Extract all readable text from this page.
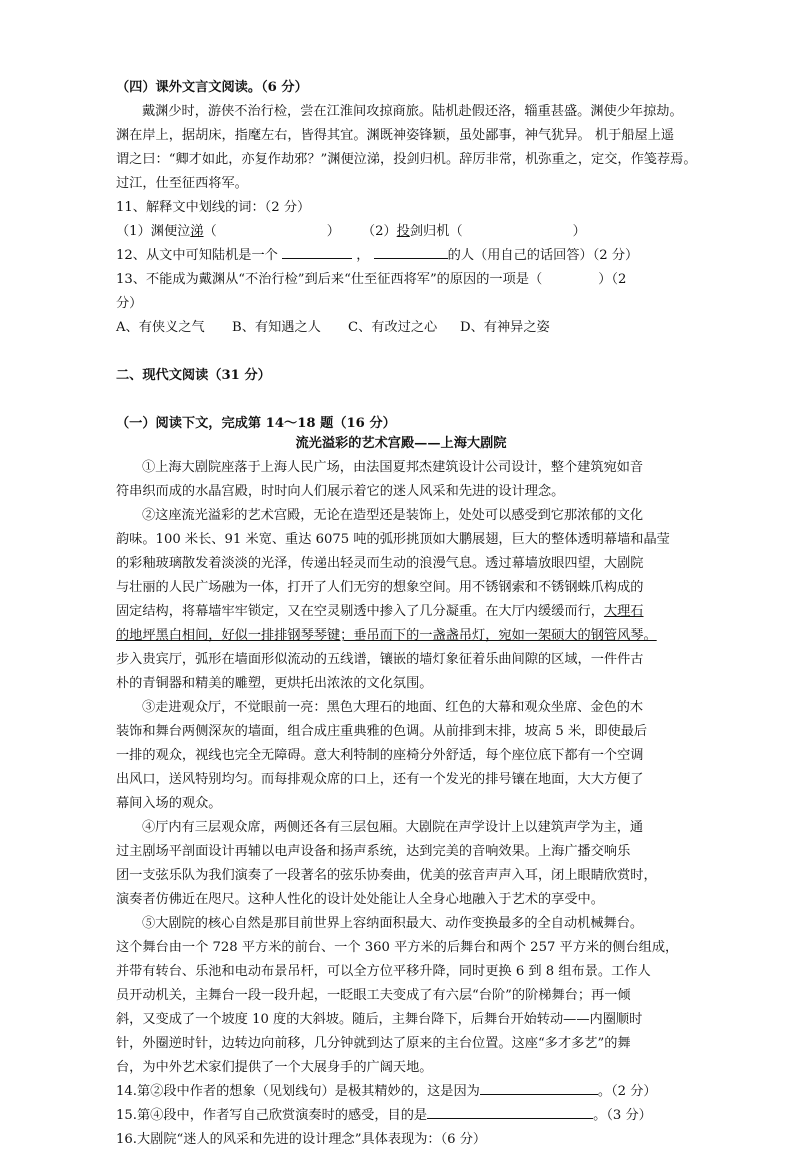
（四）课外文言文阅读。（6 分）

戴渊少时，游侠不治行检，尝在江淮间攻掠商旅。陆机赴假还洛，辎重甚盛。渊使少年掠劫。

渊在岸上，据胡床，指麾左右，皆得其宜。渊既神姿锋颖，虽处鄙事，神气犹异。 机于船屋上遥

谓之曰：“卿才如此，亦复作劫邪？”渊便泣涕，投剑归机。辞厉非常，机弥重之，定交，作笺荐焉。

过江，仕至征西将军。

11、解释文中划线的词：（2 分）

（1）渊便泣涕（	） （2）投剑归机（	）

12、从文中可知陆机是一个	，	的人（用自己的话回答）（2 分）

13、不能成为戴渊从“不治行检”到后来“仕至征西将军”的原因的一项是（	）（2

分）

A、有侠义之气 B、有知遇之人 C、有改过之心 D、有神异之姿

二、现代文阅读（31 分）

（一）阅读下文，完成第 14～18 题（16 分）

流光溢彩的艺术宫殿——上海大剧院

①上海大剧院座落于上海人民广场，由法国夏邦杰建筑设计公司设计，整个建筑宛如音

符串织而成的水晶宫殿，时时向人们展示着它的迷人风采和先进的设计理念。

②这座流光溢彩的艺术宫殿，无论在造型还是装饰上，处处可以感受到它那浓郁的文化

韵味。100 米长、91 米宽、重达 6075 吨的弧形挑顶如大鹏展翅，巨大的整体透明幕墙和晶莹

的彩釉玻璃散发着淡淡的光泽，传递出轻灵而生动的浪漫气息。透过幕墙放眼四望，大剧院

与壮丽的人民广场融为一体，打开了人们无穷的想象空间。用不锈钢索和不锈钢蛛爪构成的

固定结构，将幕墙牢牢锁定，又在空灵剔透中掺入了几分凝重。在大厅内缓缓而行，大理石

的地坪黑白相间，好似一排排钢琴琴键；垂吊而下的一盏盏吊灯，宛如一架硕大的钢管风琴。

步入贵宾厅，弧形在墙面形似流动的五线谱，镶嵌的墙灯象征着乐曲间隙的区域，一件件古

朴的青铜器和精美的雕塑，更烘托出浓浓的文化氛围。

③走进观众厅，不觉眼前一亮：黑色大理石的地面、红色的大幕和观众坐席、金色的木

装饰和舞台两侧深灰的墙面，组合成庄重典雅的色调。从前排到末排，坡高 5 米，即使最后

一排的观众，视线也完全无障碍。意大利特制的座椅分外舒适，每个座位底下都有一个空调

出风口，送风特别均匀。而每排观众席的口上，还有一个发光的排号镶在地面，大大方便了

幕间入场的观众。

④厅内有三层观众席，两侧还各有三层包厢。大剧院在声学设计上以建筑声学为主，通

过主剧场平剖面设计再辅以电声设备和扬声系统，达到完美的音响效果。上海广播交响乐

团一支弦乐队为我们演奏了一段著名的弦乐协奏曲，优美的弦音声声入耳，闭上眼睛欣赏时，

演奏者仿佛近在咫尺。这种人性化的设计处处能让人全身心地融入于艺术的享受中。

⑤大剧院的核心自然是那目前世界上容纳面积最大、动作变换最多的全自动机械舞台。

这个舞台由一个 728 平方米的前台、一个 360 平方米的后舞台和两个 257 平方米的侧台组成，

并带有转台、乐池和电动布景吊杆，可以全方位平移升降，同时更换 6 到 8 组布景。工作人

员开动机关，主舞台一段一段升起，一眨眼工夫变成了有六层“台阶”的阶梯舞台；再一倾

斜，又变成了一个坡度 10 度的大斜坡。随后，主舞台降下，后舞台开始转动——内圈顺时

针，外圈逆时针，边转边向前移，几分钟就到达了原来的主台位置。这座“多才多艺”的舞

台，为中外艺术家们提供了一个大展身手的广阔天地。

14.第②段中作者的想象（见划线句）是极其精妙的，这是因为	。（2 分）

15.第④段中，作者写自己欣赏演奏时的感受，目的是	。（3 分）

16.大剧院“迷人的风采和先进的设计理念”具体表现为：（6 分）
